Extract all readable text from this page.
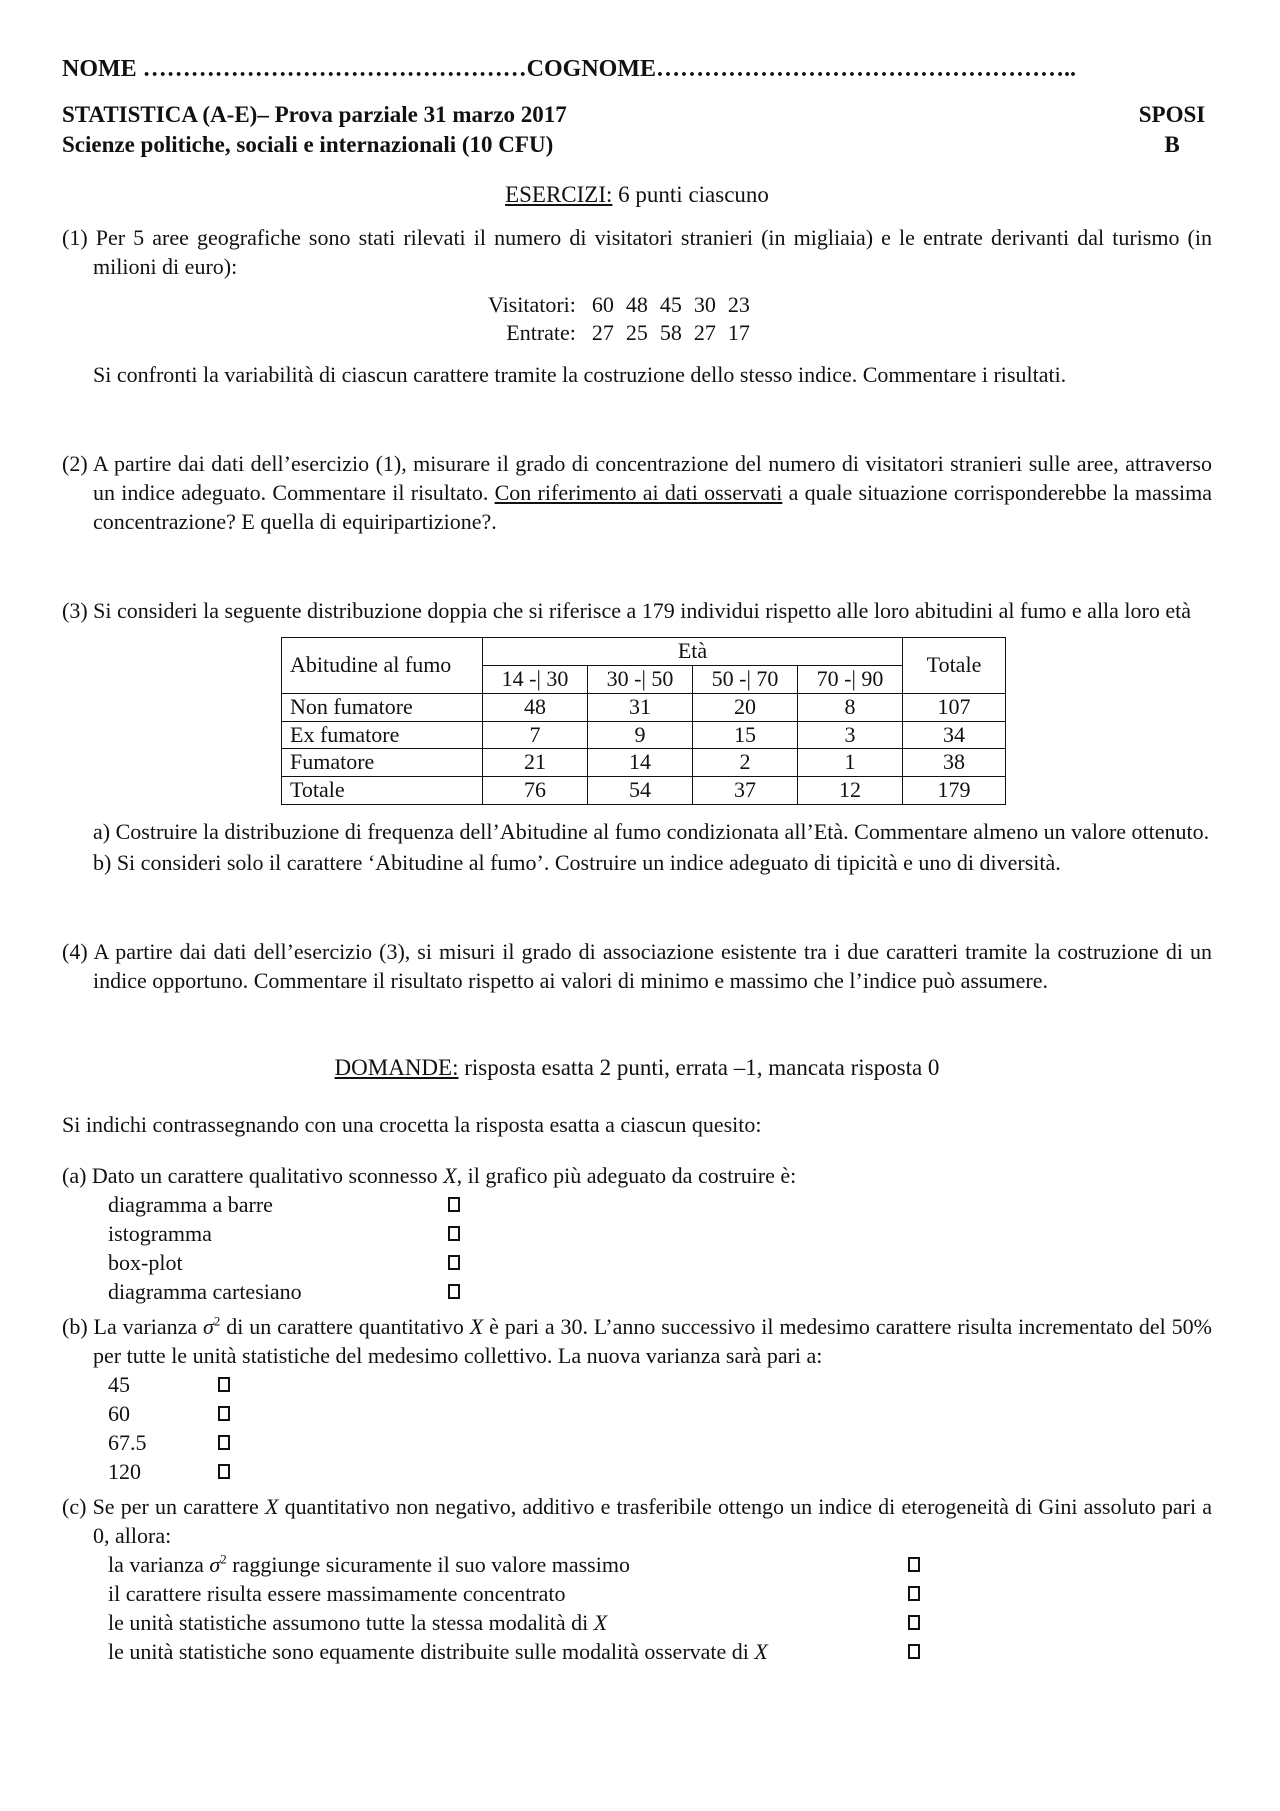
NOME …………………………………………COGNOME……………………………………………..
STATISTICA (A-E)– Prova parziale 31 marzo 2017	SPOSI
Scienze politiche, sociali e internazionali (10 CFU)	B
ESERCIZI: 6 punti ciascuno

(1) Per 5 aree geografiche sono stati rilevati il numero di visitatori stranieri (in migliaia) e le entrate derivanti dal turismo (in milioni di euro):

Visitatori:	60	48	45	30	23
Entrate:	27	25	58	27	17

Si confronti la variabilità di ciascun carattere tramite la costruzione dello stesso indice. Commentare i risultati.

(2) A partire dai dati dell’esercizio (1), misurare il grado di concentrazione del numero di visitatori stranieri sulle aree, attraverso un indice adeguato. Commentare il risultato. Con riferimento ai dati osservati a quale situazione corrisponderebbe la massima concentrazione? E quella di equiripartizione?.

(3) Si consideri la seguente distribuzione doppia che si riferisce a 179 individui rispetto alle loro abitudini al fumo e alla loro età

Abitudine al fumo	Età				Totale
	14 -| 30	30 -| 50	50 -| 70	70 -| 90	
Non fumatore	48	31	20	8	107
Ex fumatore	7	9	15	3	34
Fumatore	21	14	2	1	38
Totale	76	54	37	12	179

a) Costruire la distribuzione di frequenza dell’Abitudine al fumo condizionata all’Età. Commentare almeno un valore ottenuto.

b) Si consideri solo il carattere ‘Abitudine al fumo’. Costruire un indice adeguato di tipicità e uno di diversità.

(4) A partire dai dati dell’esercizio (3), si misuri il grado di associazione esistente tra i due caratteri tramite la costruzione di un indice opportuno. Commentare il risultato rispetto ai valori di minimo e massimo che l’indice può assumere.

DOMANDE: risposta esatta 2 punti, errata –1, mancata risposta 0

Si indichi contrassegnando con una crocetta la risposta esatta a ciascun quesito:

(a) Dato un carattere qualitativo sconnesso X, il grafico più adeguato da costruire è:

diagramma a barre
istogramma
box-plot
diagramma cartesiano

(b) La varianza $\sigma^2$ di un carattere quantitativo X è pari a 30. L’anno successivo il medesimo carattere risulta incrementato del 50% per tutte le unità statistiche del medesimo collettivo. La nuova varianza sarà pari a:

45
60
67.5
120

(c) Se per un carattere X quantitativo non negativo, additivo e trasferibile ottengo un indice di eterogeneità di Gini assoluto pari a 0, allora:

la varianza $\sigma^2$ raggiunge sicuramente il suo valore massimo
il carattere risulta essere massimamente concentrato
le unità statistiche assumono tutte la stessa modalità di X
le unità statistiche sono equamente distribuite sulle modalità osservate di X
